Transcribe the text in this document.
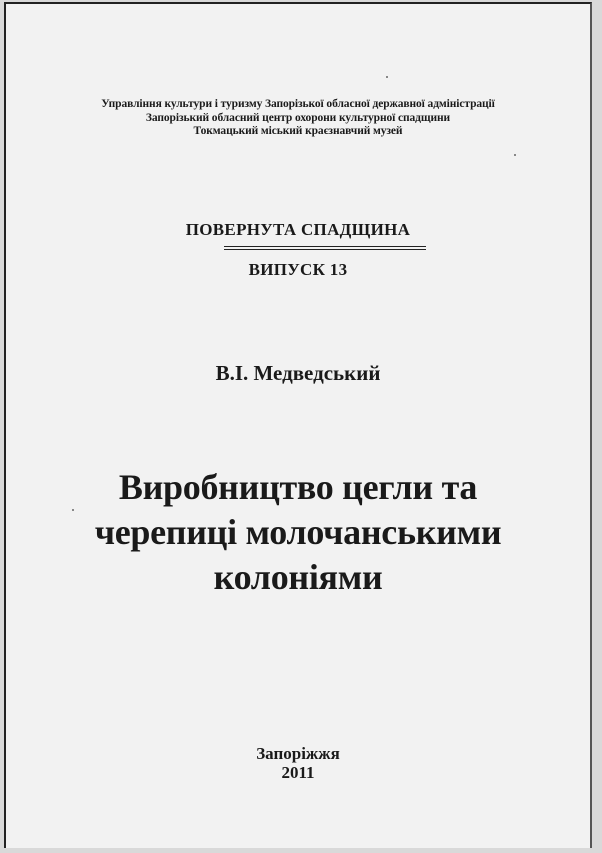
Управління культури і туризму Запорізької обласної державної адміністрації
Запорізький обласний центр охорони культурної спадщини
Токмацький міський краєзнавчий музей
ПОВЕРНУТА СПАДЩИНА
ВИПУСК 13
В.І. Медведський
Виробництво цегли та
черепиці молочанськими
колоніями
Запоріжжя
2011
